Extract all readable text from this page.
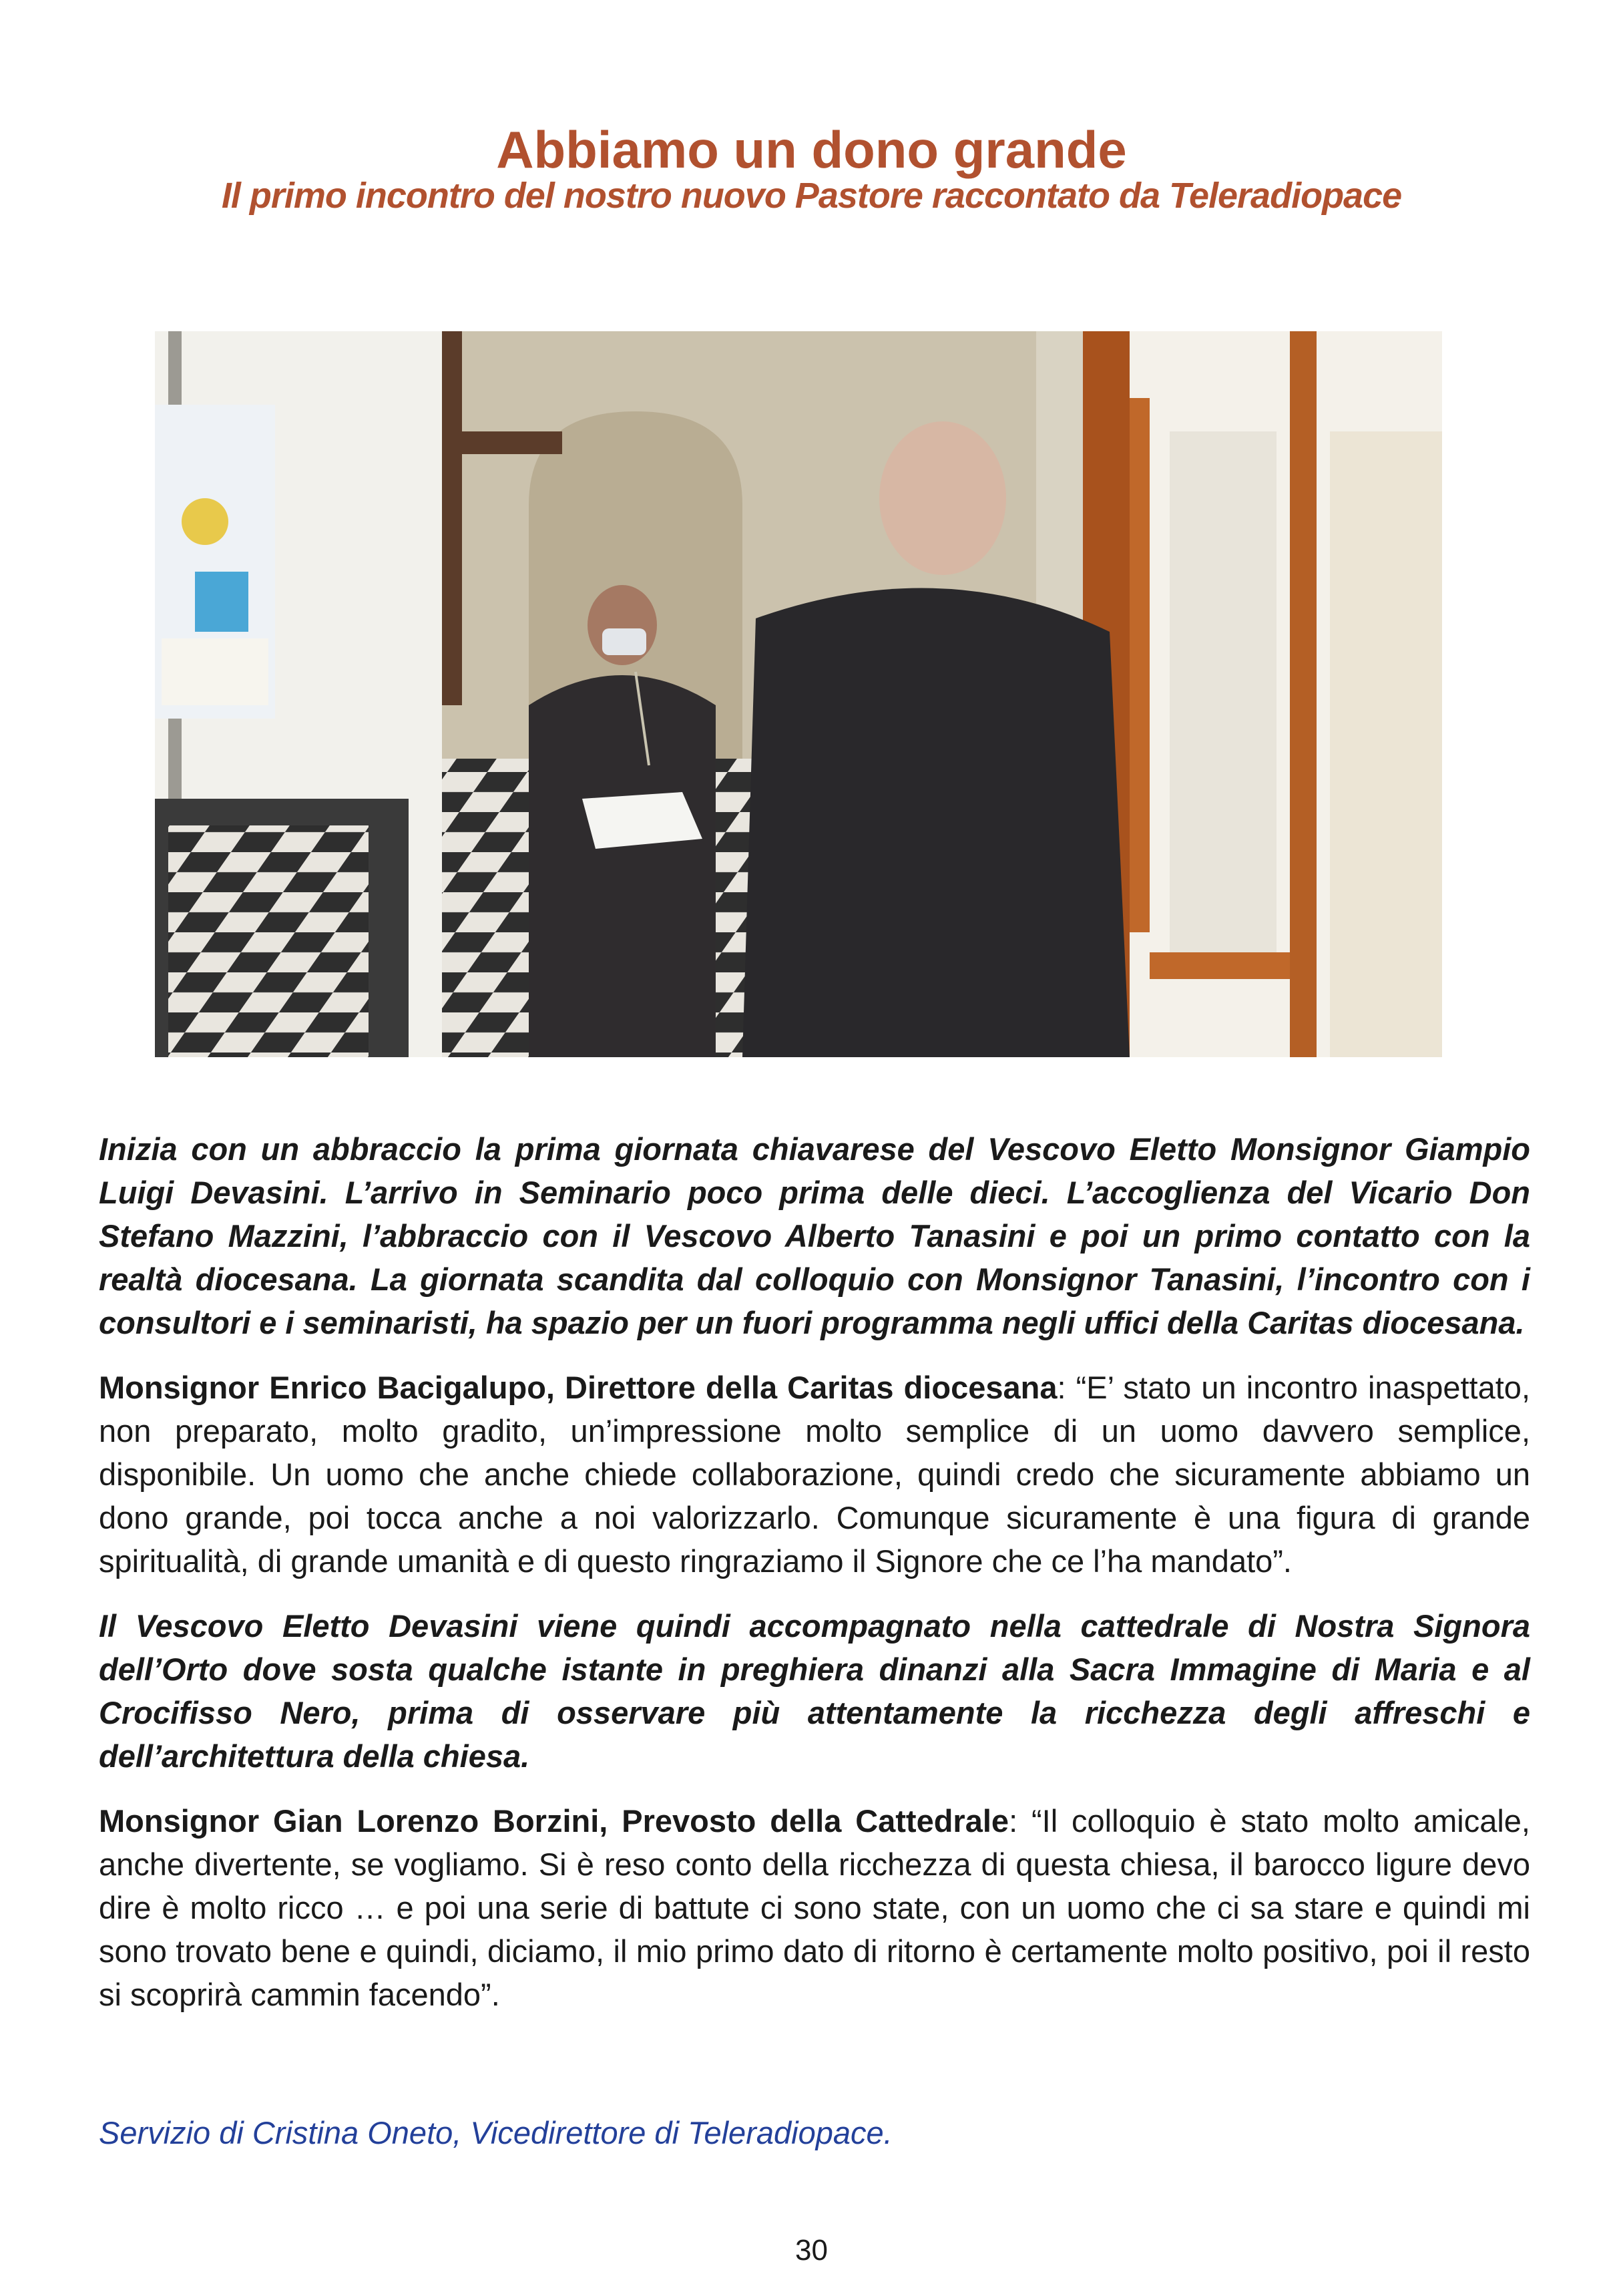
Abbiamo un dono grande
Il primo incontro del nostro nuovo Pastore raccontato da Teleradiopace

Inizia con un abbraccio la prima giornata chiavarese del Vescovo Eletto Monsignor Giampio Luigi Devasini. L’arrivo in Seminario poco prima delle dieci. L’accoglienza del Vicario Don Stefano Mazzini, l’abbraccio con il Vescovo Alberto Tanasini e poi un primo contatto con la realtà diocesana. La giornata scandita dal colloquio con Monsignor Tanasini, l’incontro con i consultori e i seminaristi, ha spazio per un fuori programma negli uffici della Caritas diocesana.

Monsignor Enrico Bacigalupo, Direttore della Caritas diocesana: “E’ stato un incontro inaspettato, non preparato, molto gradito, un’impressione molto semplice di un uomo davvero semplice, disponibile. Un uomo che anche chiede collaborazione, quindi credo che sicuramente abbiamo un dono grande, poi tocca anche a noi valorizzarlo. Comunque sicuramente è una figura di grande spiritualità, di grande umanità e di questo ringraziamo il Signore che ce l’ha mandato”.

Il Vescovo Eletto Devasini viene quindi accompagnato nella cattedrale di Nostra Signora dell’Orto dove sosta qualche istante in preghiera dinanzi alla Sacra Immagine di Maria e al Crocifisso Nero, prima di osservare più attentamente la ricchezza degli affreschi e dell’architettura della chiesa.

Monsignor Gian Lorenzo Borzini, Prevosto della Cattedrale: “Il colloquio è stato molto amicale, anche divertente, se vogliamo. Si è reso conto della ricchezza di questa chiesa, il barocco ligure devo dire è molto ricco … e poi una serie di battute ci sono state, con un uomo che ci sa stare e quindi mi sono trovato bene e quindi, diciamo, il mio primo dato di ritorno è certamente molto positivo, poi il resto si scoprirà cammin facendo”.

Servizio di Cristina Oneto, Vicedirettore di Teleradiopace.
30
